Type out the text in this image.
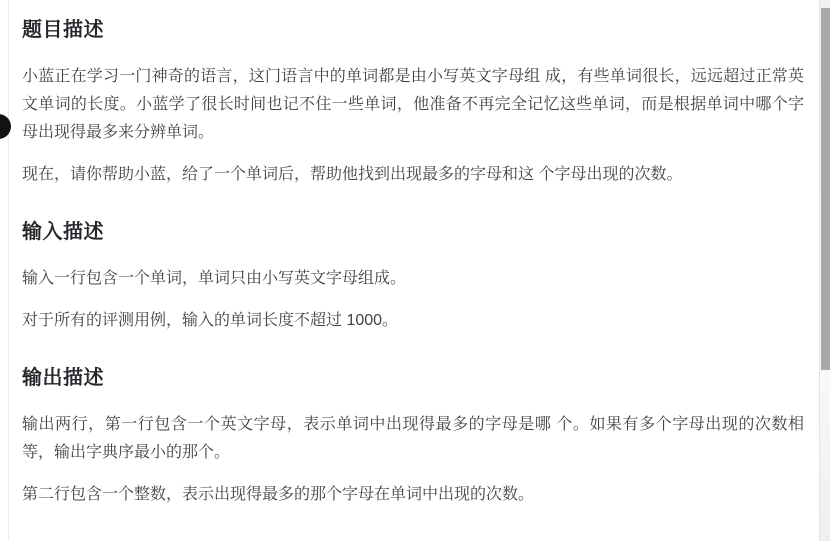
题目描述

小蓝正在学习一门神奇的语言，这门语言中的单词都是由小写英文字母组 成，有些单词很长，远远超过正常英文单词的长度。小蓝学了很长时间也记不住一些单词，他准备不再完全记忆这些单词，而是根据单词中哪个字母出现得最多来分辨单词。

现在，请你帮助小蓝，给了一个单词后，帮助他找到出现最多的字母和这 个字母出现的次数。

输入描述

输入一行包含一个单词，单词只由小写英文字母组成。

对于所有的评测用例，输入的单词长度不超过 1000。

输出描述

输出两行，第一行包含一个英文字母，表示单词中出现得最多的字母是哪 个。如果有多个字母出现的次数相等，输出字典序最小的那个。

第二行包含一个整数，表示出现得最多的那个字母在单词中出现的次数。
